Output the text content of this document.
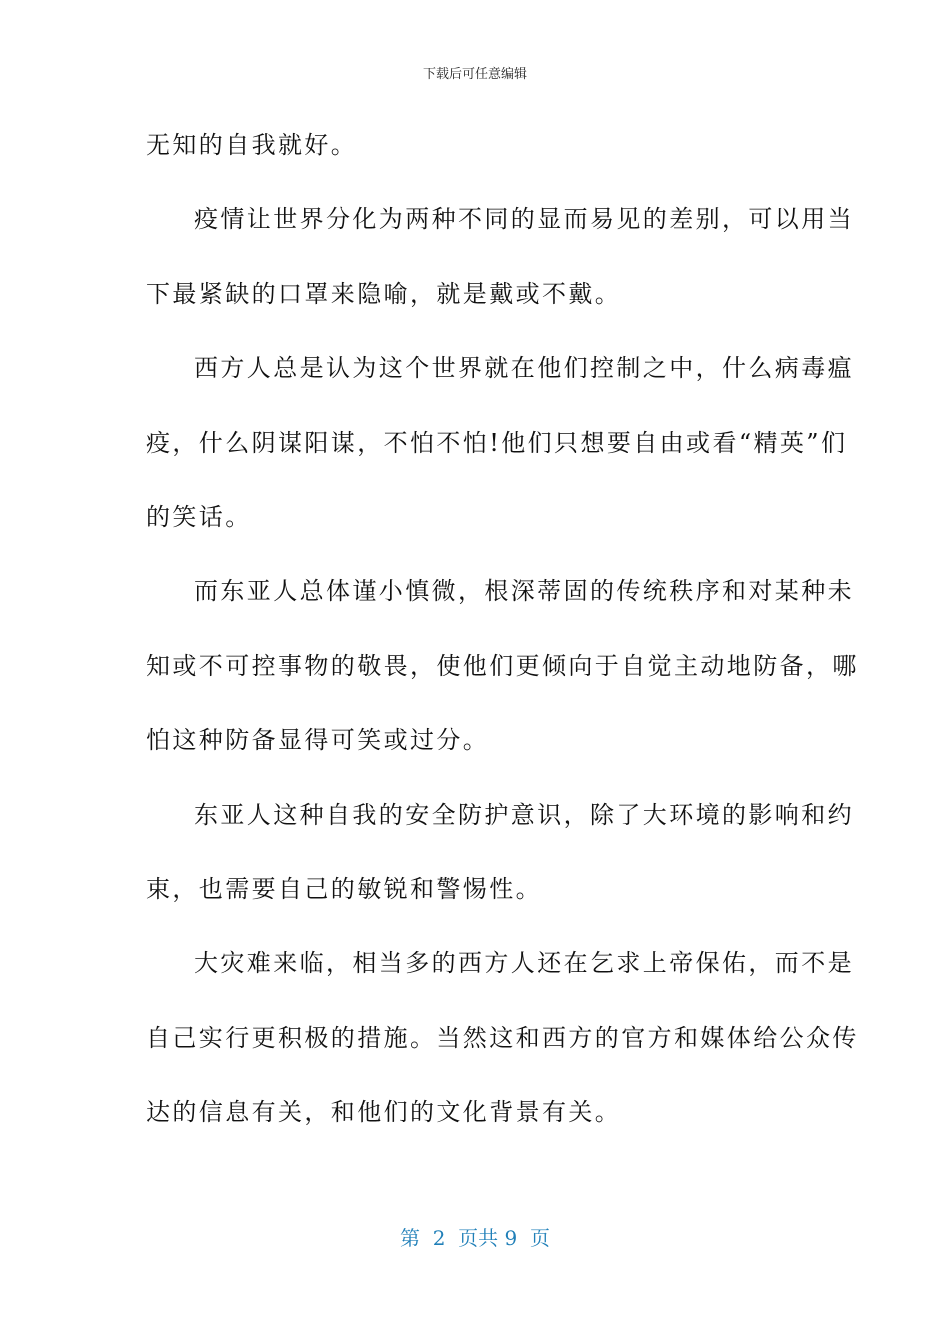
下载后可任意编辑
无知的自我就好。
疫情让世界分化为两种不同的显而易见的差别，可以用当
下最紧缺的口罩来隐喻，就是戴或不戴。
西方人总是认为这个世界就在他们控制之中，什么病毒瘟
疫，什么阴谋阳谋，不怕不怕!他们只想要自由或看“精英”们
的笑话。
而东亚人总体谨小慎微，根深蒂固的传统秩序和对某种未
知或不可控事物的敬畏，使他们更倾向于自觉主动地防备，哪
怕这种防备显得可笑或过分。
东亚人这种自我的安全防护意识，除了大环境的影响和约
束，也需要自己的敏锐和警惕性。
大灾难来临，相当多的西方人还在乞求上帝保佑，而不是
自己实行更积极的措施。当然这和西方的官方和媒体给公众传
达的信息有关，和他们的文化背景有关。
第  2  页共 9  页
